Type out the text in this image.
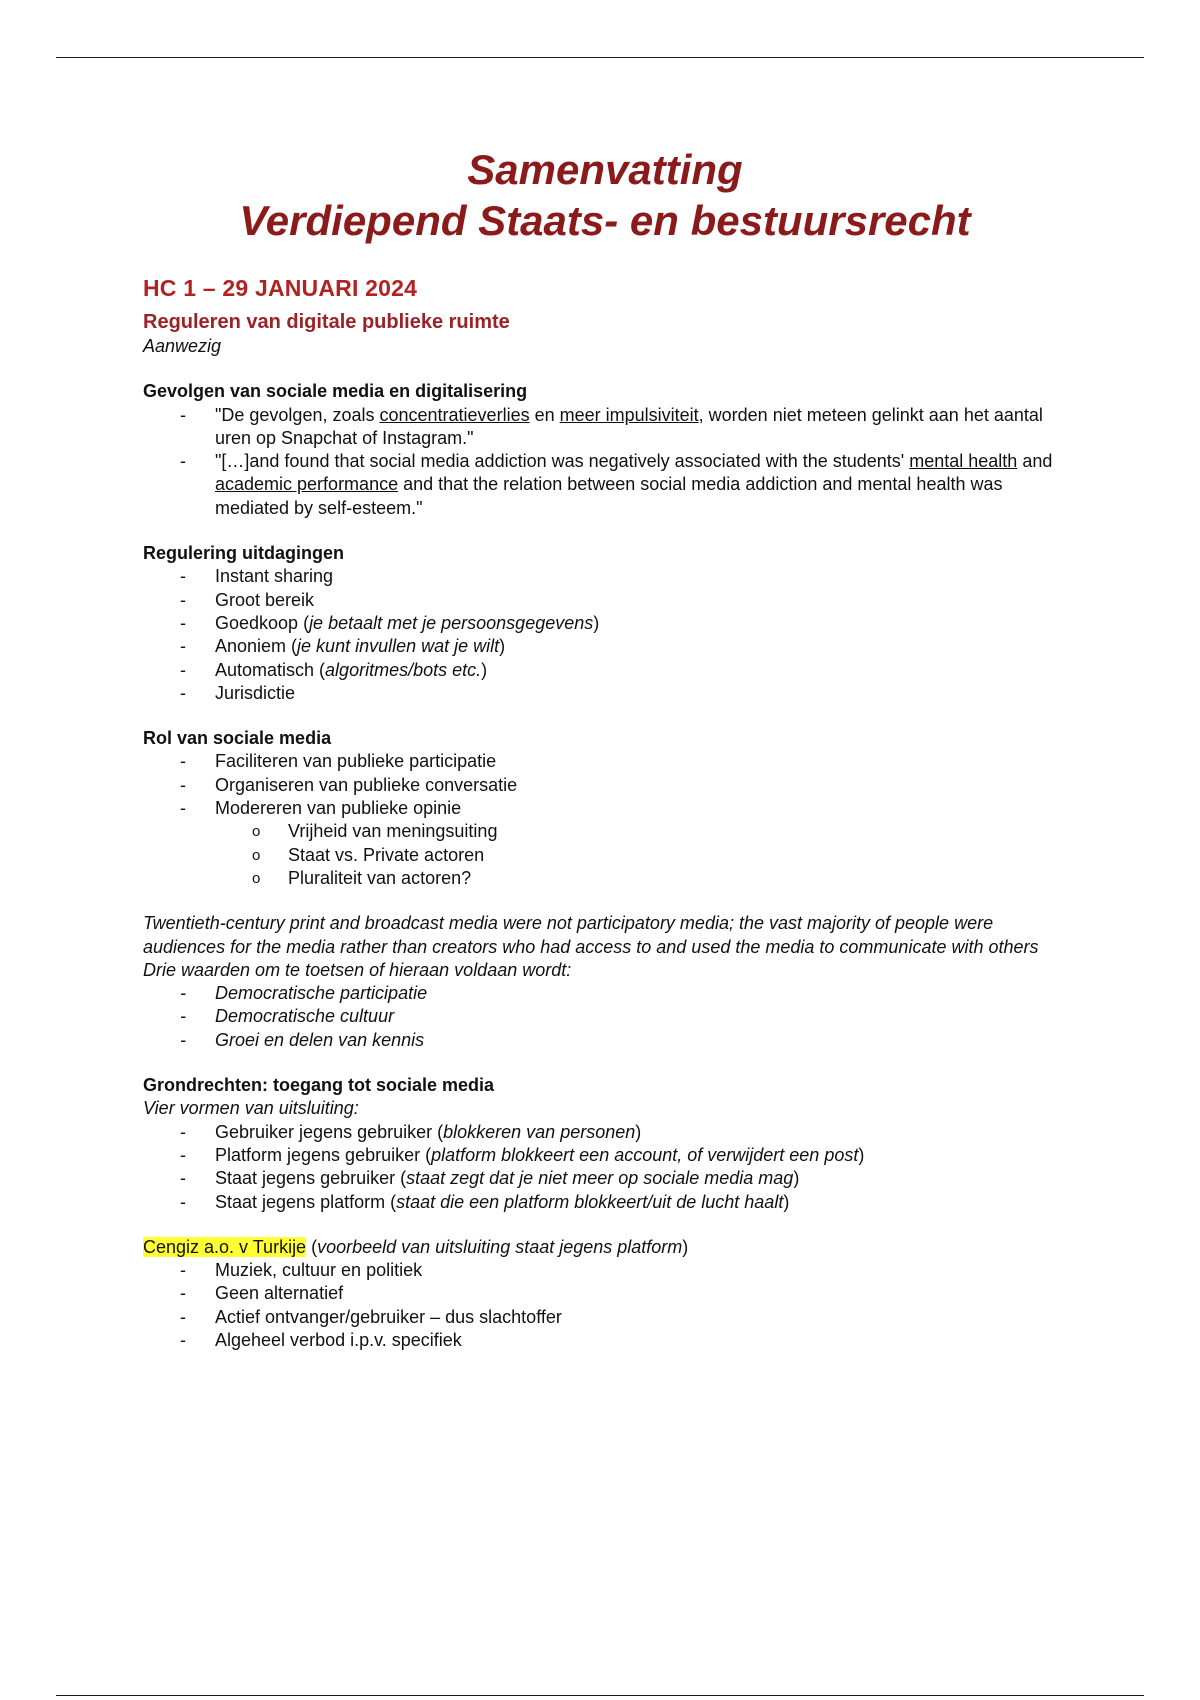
Samenvatting
Verdiepend Staats- en bestuursrecht
HC 1 – 29 JANUARI 2024
Reguleren van digitale publieke ruimte
Aanwezig
Gevolgen van sociale media en digitalisering
- "De gevolgen, zoals concentratieverlies en meer impulsiviteit, worden niet meteen gelinkt aan het aantal uren op Snapchat of Instagram."
- "[…]and found that social media addiction was negatively associated with the students' mental health and academic performance and that the relation between social media addiction and mental health was mediated by self-esteem."
Regulering uitdagingen
- Instant sharing
- Groot bereik
- Goedkoop (je betaalt met je persoonsgegevens)
- Anoniem (je kunt invullen wat je wilt)
- Automatisch (algoritmes/bots etc.)
- Jurisdictie
Rol van sociale media
- Faciliteren van publieke participatie
- Organiseren van publieke conversatie
- Modereren van publieke opinie
o Vrijheid van meningsuiting
o Staat vs. Private actoren
o Pluraliteit van actoren?
Twentieth-century print and broadcast media were not participatory media; the vast majority of people were audiences for the media rather than creators who had access to and used the media to communicate with others
Drie waarden om te toetsen of hieraan voldaan wordt:
- Democratische participatie
- Democratische cultuur
- Groei en delen van kennis
Grondrechten: toegang tot sociale media
Vier vormen van uitsluiting:
- Gebruiker jegens gebruiker (blokkeren van personen)
- Platform jegens gebruiker (platform blokkeert een account, of verwijdert een post)
- Staat jegens gebruiker (staat zegt dat je niet meer op sociale media mag)
- Staat jegens platform (staat die een platform blokkeert/uit de lucht haalt)
Cengiz a.o. v Turkije (voorbeeld van uitsluiting staat jegens platform)
- Muziek, cultuur en politiek
- Geen alternatief
- Actief ontvanger/gebruiker – dus slachtoffer
- Algeheel verbod i.p.v. specifiek
